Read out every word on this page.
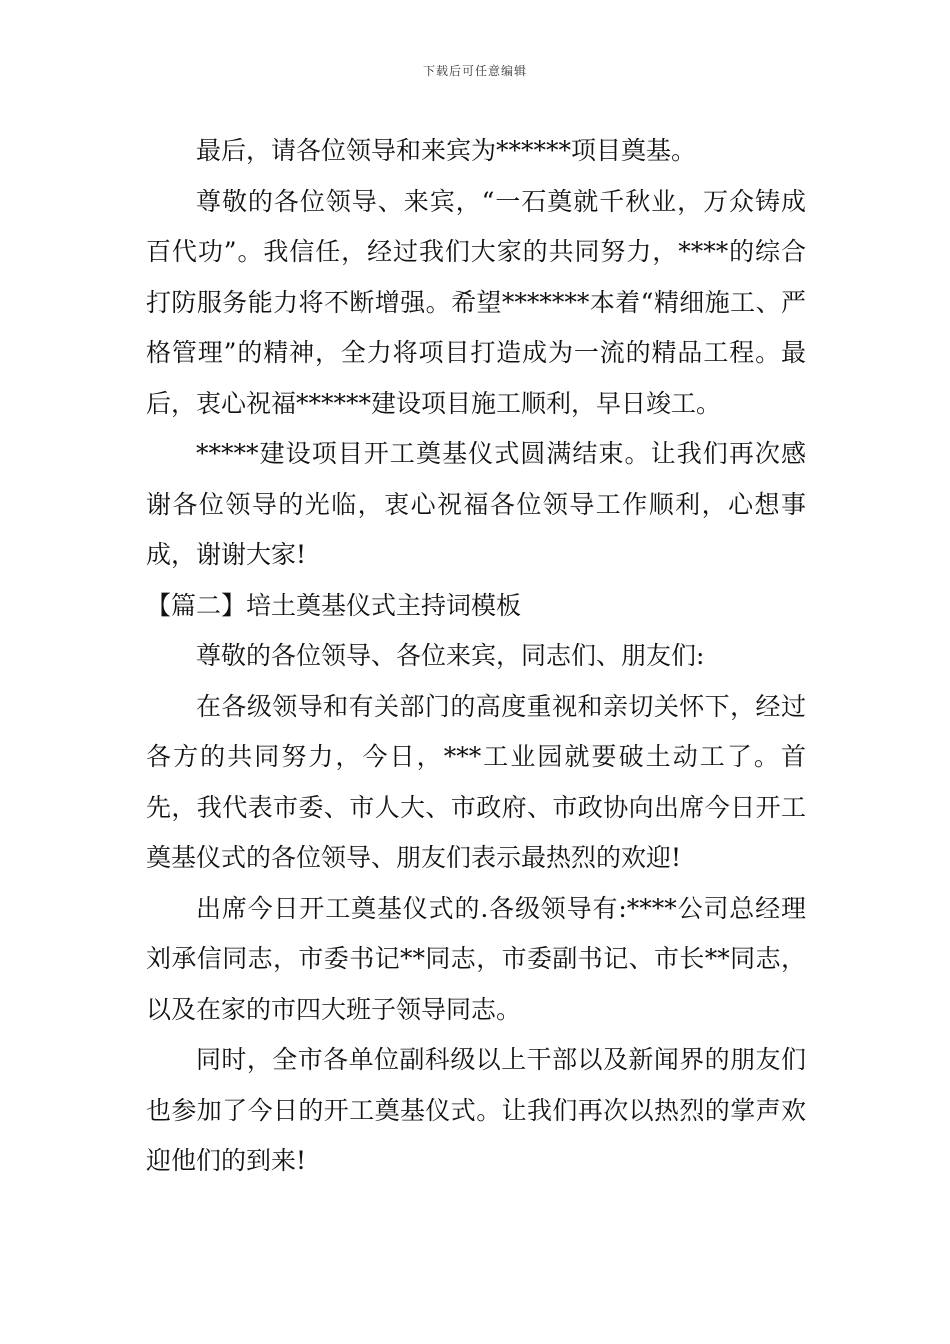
下载后可任意编辑

最后，请各位领导和来宾为******项目奠基。

尊敬的各位领导、来宾，“一石奠就千秋业，万众铸成百代功”。我信任，经过我们大家的共同努力，****的综合打防服务能力将不断增强。希望*******本着“精细施工、严格管理”的精神，全力将项目打造成为一流的精品工程。最后，衷心祝福******建设项目施工顺利，早日竣工。

*****建设项目开工奠基仪式圆满结束。让我们再次感谢各位领导的光临，衷心祝福各位领导工作顺利，心想事成，谢谢大家!

【篇二】培土奠基仪式主持词模板

尊敬的各位领导、各位来宾，同志们、朋友们:

在各级领导和有关部门的高度重视和亲切关怀下，经过各方的共同努力，今日，***工业园就要破土动工了。首先，我代表市委、市人大、市政府、市政协向出席今日开工奠基仪式的各位领导、朋友们表示最热烈的欢迎!

出席今日开工奠基仪式的.各级领导有:****公司总经理刘承信同志，市委书记**同志，市委副书记、市长**同志，以及在家的市四大班子领导同志。

同时，全市各单位副科级以上干部以及新闻界的朋友们也参加了今日的开工奠基仪式。让我们再次以热烈的掌声欢迎他们的到来!
